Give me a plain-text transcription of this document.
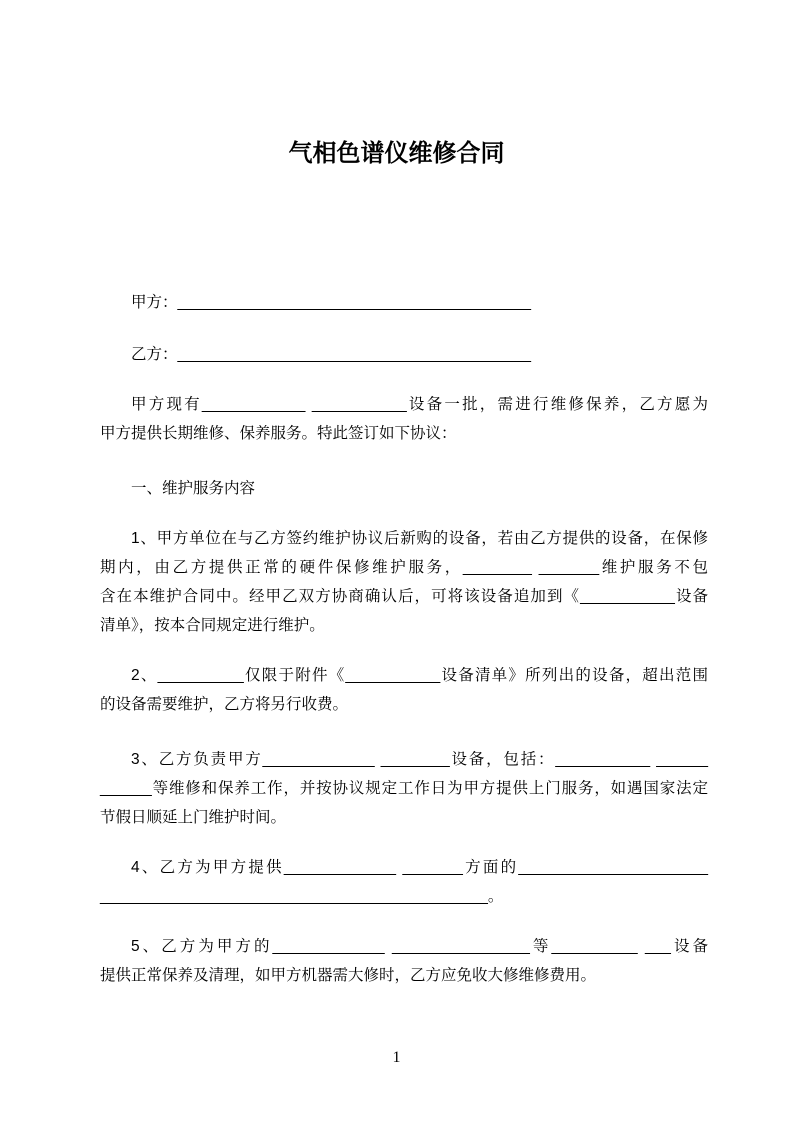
气相色谱仪维修合同

甲方：_________________________________________

乙方：_________________________________________

甲方现有____________ ___________设备一批，需进行维修保养，乙方愿为
甲方提供长期维修、保养服务。特此签订如下协议：

一、维护服务内容

1、甲方单位在与乙方签约维护协议后新购的设备，若由乙方提供的设备，在保修
期内，由乙方提供正常的硬件保修维护服务，________ _______维护服务不包
含在本维护合同中。经甲乙双方协商确认后，可将该设备追加到《___________设备
清单》，按本合同规定进行维护。

2、__________仅限于附件《___________设备清单》所列出的设备，超出范围
的设备需要维护，乙方将另行收费。

3、乙方负责甲方_____________ ________设备，包括：___________ ______
______等维修和保养工作，并按协议规定工作日为甲方提供上门服务，如遇国家法定
节假日顺延上门维护时间。

4、乙方为甲方提供_____________ _______方面的______________________
_____________________________________________。

5、乙方为甲方的_____________ ________________等__________ ___设备
提供正常保养及清理，如甲方机器需大修时，乙方应免收大修维修费用。

1
